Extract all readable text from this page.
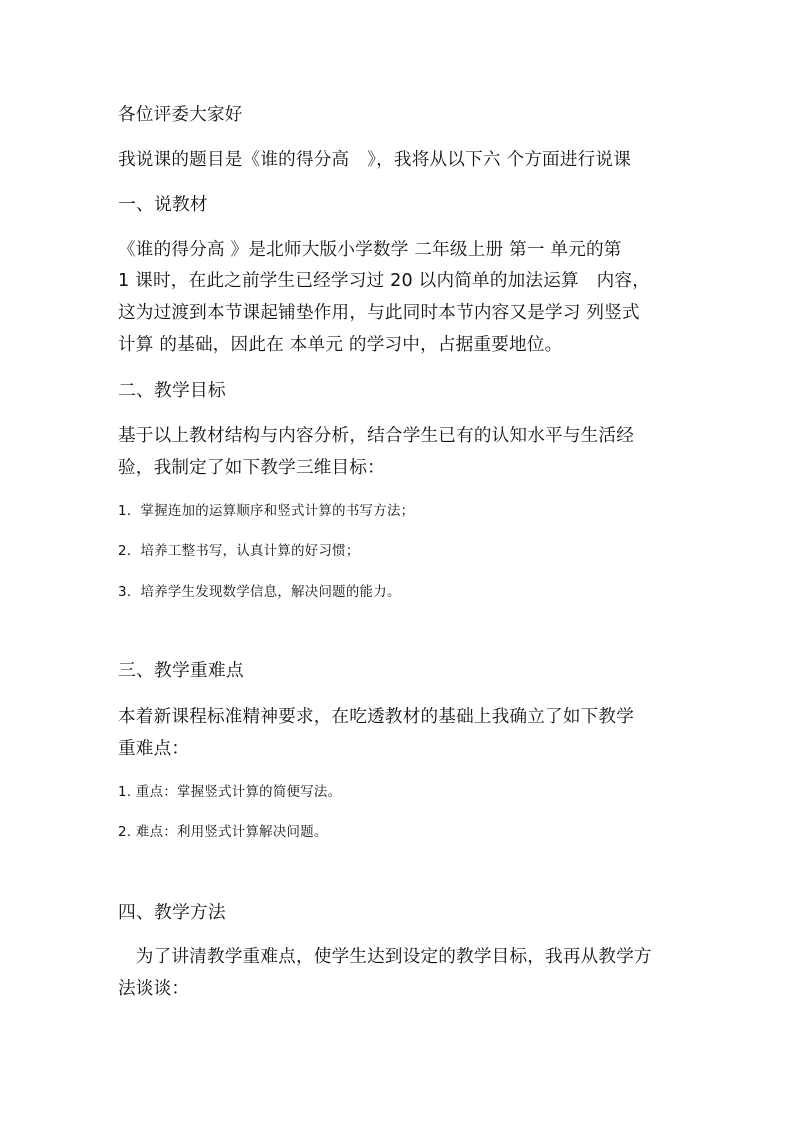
各位评委大家好
我说课的题目是《谁的得分高　》，我将从以下六 个方面进行说课
一、说教材
《谁的得分高 》是北师大版小学数学 二年级上册 第一 单元的第
1 课时，在此之前学生已经学习过 20 以内简单的加法运算　内容，
这为过渡到本节课起铺垫作用，与此同时本节内容又是学习 列竖式
计算 的基础，因此在 本单元 的学习中，占据重要地位。
二、教学目标
基于以上教材结构与内容分析，结合学生已有的认知水平与生活经
验，我制定了如下教学三维目标：
1．掌握连加的运算顺序和竖式计算的书写方法；
2．培养工整书写，认真计算的好习惯；
3．培养学生发现数学信息，解决问题的能力。
三、教学重难点
本着新课程标准精神要求，在吃透教材的基础上我确立了如下教学
重难点：
1. 重点：掌握竖式计算的简便写法。
2. 难点：利用竖式计算解决问题。
四、教学方法
　为了讲清教学重难点，使学生达到设定的教学目标，我再从教学方
法谈谈：
